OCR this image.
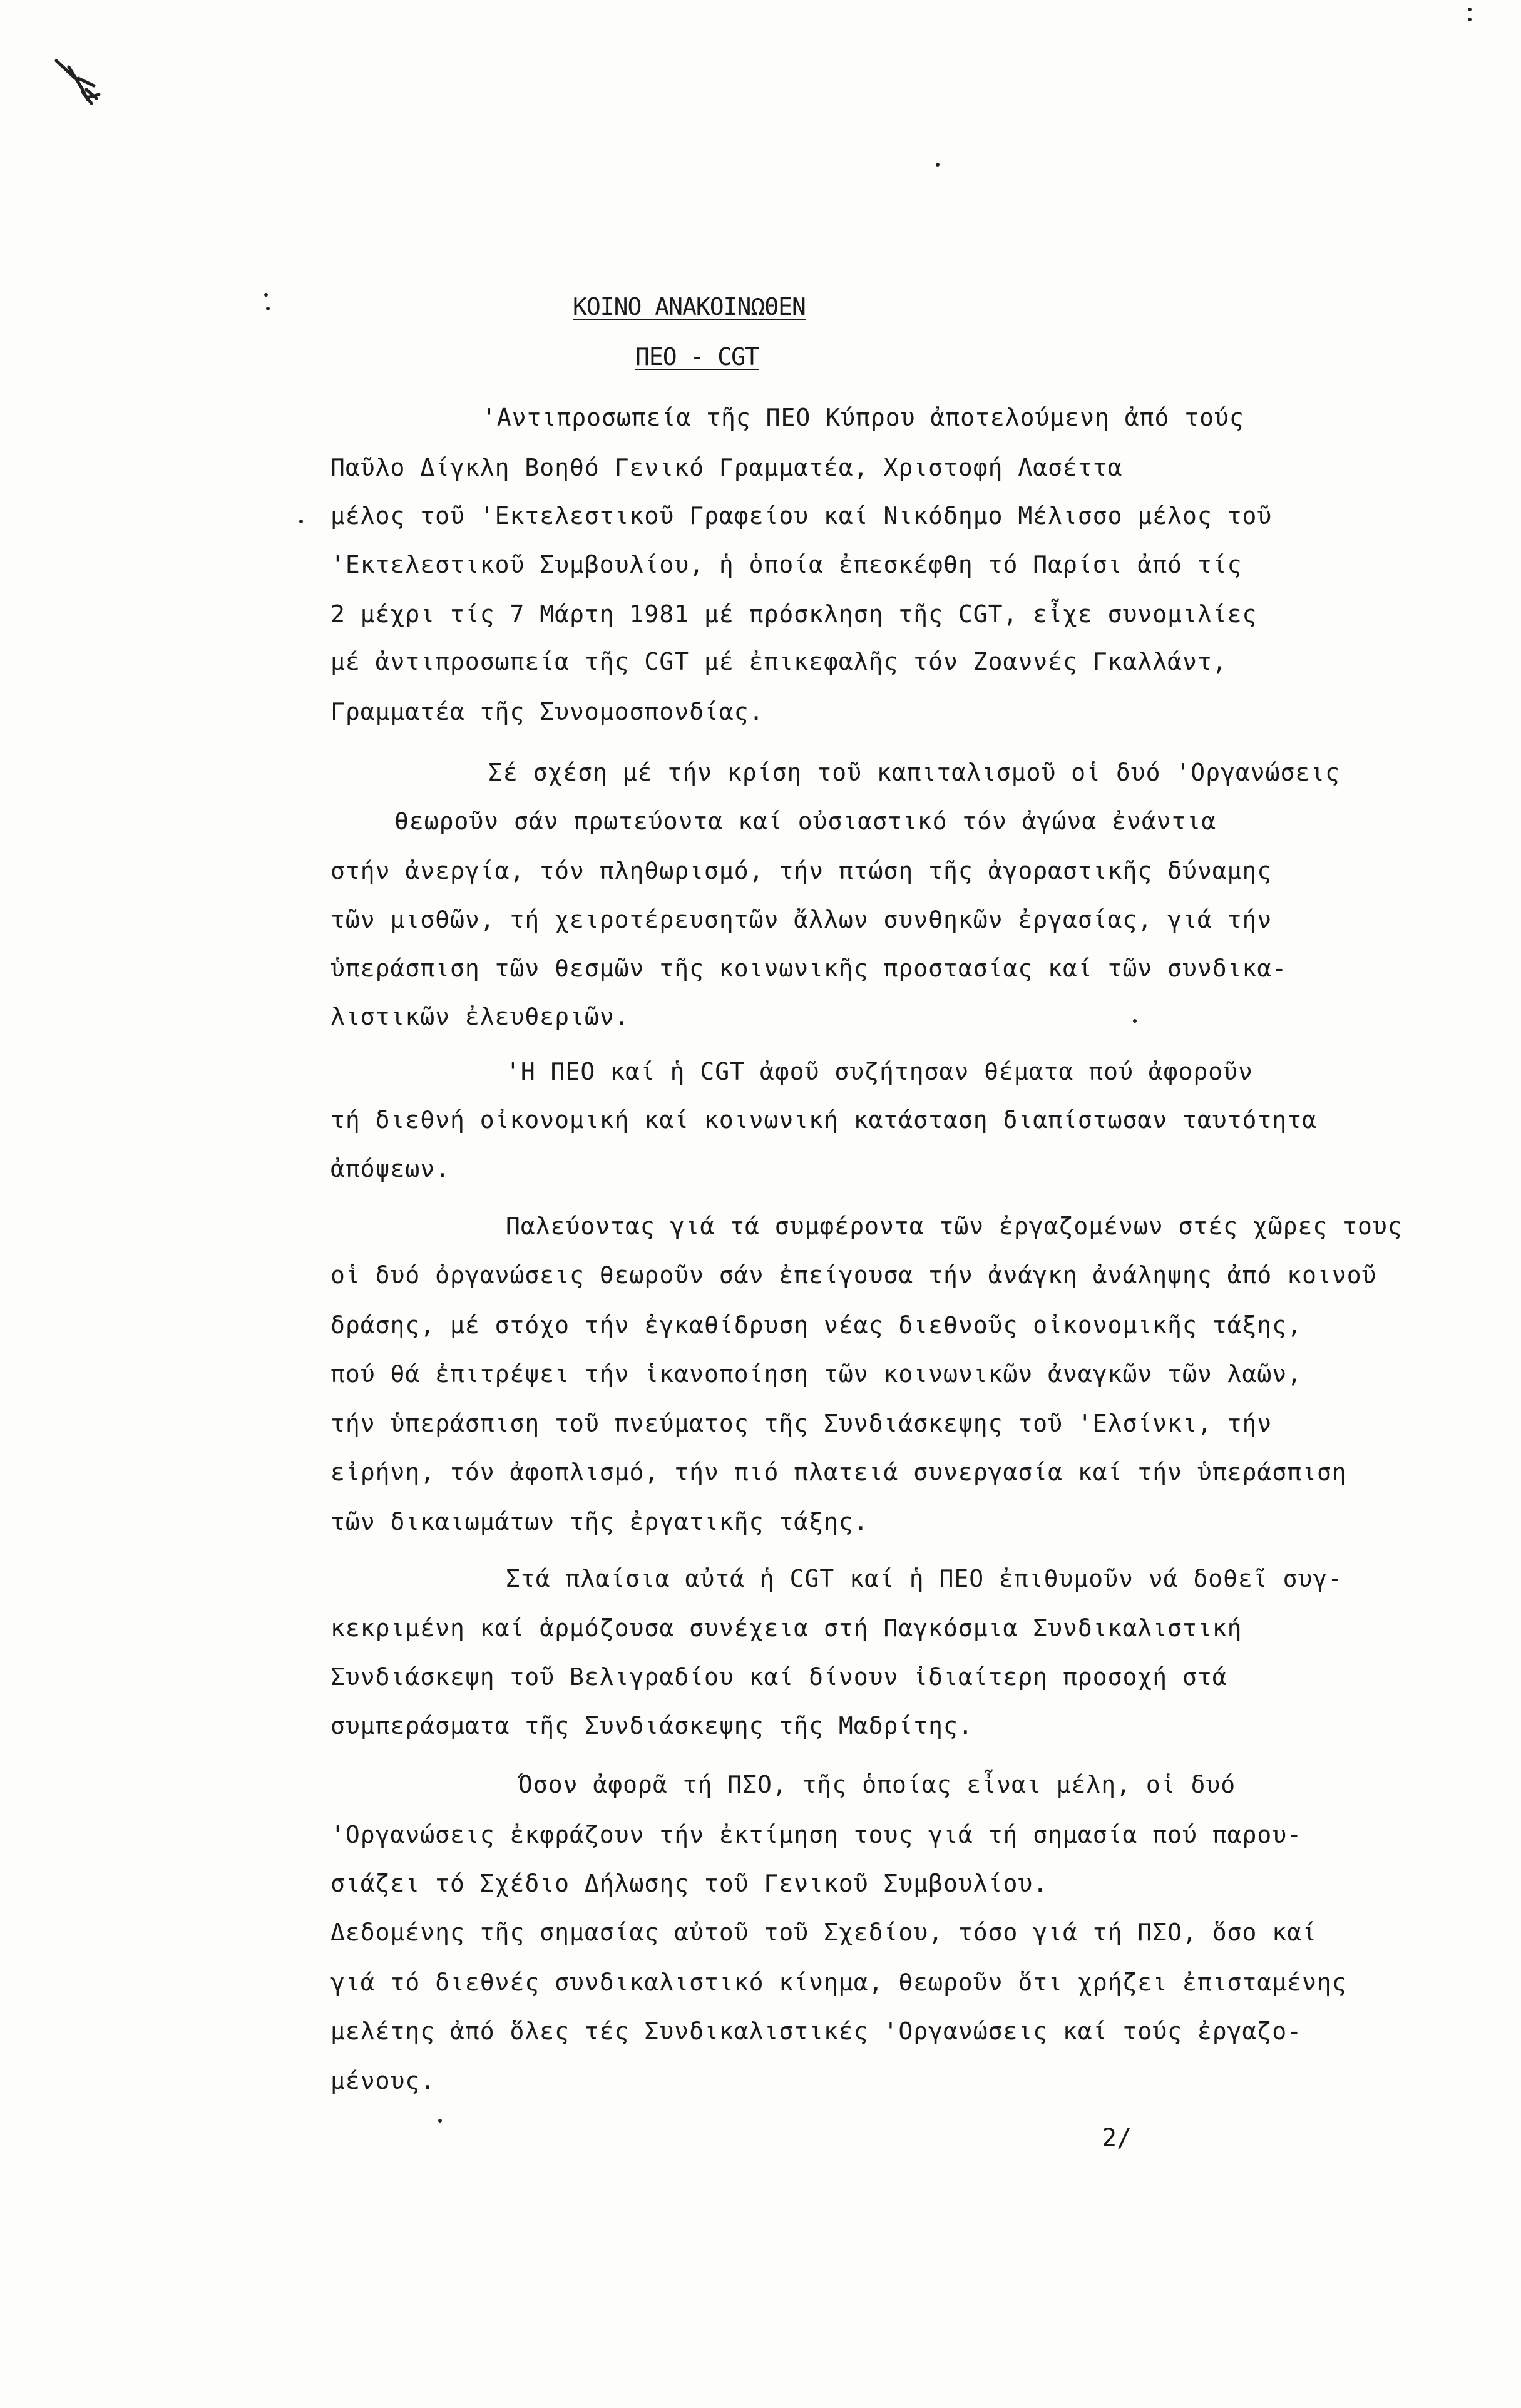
ΚΟΙΝΟ ΑΝΑΚΟΙΝΩΘΕΝ
ΠΕΟ - CGT
'Αντιπροσωπεία τῆς ΠΕΟ Κύπρου ἀποτελούμενη ἀπό τούς
Παῦλο Δίγκλη Βοηθό Γενικό Γραμματέα, Χριστοφή Λασέττα
μέλος τοῦ 'Εκτελεστικοῦ Γραφείου καί Νικόδημο Μέλισσο μέλος τοῦ
'Εκτελεστικοῦ Συμβουλίου, ἡ ὁποία ἐπεσκέφθη τό Παρίσι ἀπό τίς
2 μέχρι τίς 7 Μάρτη 1981 μέ πρόσκληση τῆς CGT, εἶχε συνομιλίες
μέ ἀντιπροσωπεία τῆς CGT μέ ἐπικεφαλῆς τόν Ζοαννές Γκαλλάντ,
Γραμματέα τῆς Συνομοσπονδίας.
Σέ σχέση μέ τήν κρίση τοῦ καπιταλισμοῦ οἱ δυό 'Οργανώσεις
θεωροῦν σάν πρωτεύοντα καί οὐσιαστικό τόν ἀγώνα ἐνάντια
στήν ἀνεργία, τόν πληθωρισμό, τήν πτώση τῆς ἀγοραστικῆς δύναμης
τῶν μισθῶν, τή χειροτέρευσητῶν ἄλλων συνθηκῶν ἐργασίας, γιά τήν
ὑπεράσπιση τῶν θεσμῶν τῆς κοινωνικῆς προστασίας καί τῶν συνδικα-
λιστικῶν ἐλευθεριῶν.
'Η ΠΕΟ καί ἡ CGT ἀφοῦ συζήτησαν θέματα πού ἀφοροῦν
τή διεθνή οἰκονομική καί κοινωνική κατάσταση διαπίστωσαν ταυτότητα
ἀπόψεων.
Παλεύοντας γιά τά συμφέροντα τῶν ἐργαζομένων στές χῶρες τους
οἱ δυό ὀργανώσεις θεωροῦν σάν ἐπείγουσα τήν ἀνάγκη ἀνάληψης ἀπό κοινοῦ
δράσης, μέ στόχο τήν ἐγκαθίδρυση νέας διεθνοῦς οἰκονομικῆς τάξης,
πού θά ἐπιτρέψει τήν ἱκανοποίηση τῶν κοινωνικῶν ἀναγκῶν τῶν λαῶν,
τήν ὑπεράσπιση τοῦ πνεύματος τῆς Συνδιάσκεψης τοῦ 'Ελσίνκι, τήν
εἰρήνη, τόν ἀφοπλισμό, τήν πιό πλατειά συνεργασία καί τήν ὑπεράσπιση
τῶν δικαιωμάτων τῆς ἐργατικῆς τάξης.
Στά πλαίσια αὐτά ἡ CGT καί ἡ ΠΕΟ ἐπιθυμοῦν νά δοθεῖ συγ-
κεκριμένη καί ἁρμόζουσα συνέχεια στή Παγκόσμια Συνδικαλιστική
Συνδιάσκεψη τοῦ Βελιγραδίου καί δίνουν ἰδιαίτερη προσοχή στά
συμπεράσματα τῆς Συνδιάσκεψης τῆς Μαδρίτης.
Όσον ἀφορᾶ τή ΠΣΟ, τῆς ὁποίας εἶναι μέλη, οἱ δυό
'Οργανώσεις ἐκφράζουν τήν ἐκτίμηση τους γιά τή σημασία πού παρου-
σιάζει τό Σχέδιο Δήλωσης τοῦ Γενικοῦ Συμβουλίου.
Δεδομένης τῆς σημασίας αὐτοῦ τοῦ Σχεδίου, τόσο γιά τή ΠΣΟ, ὅσο καί
γιά τό διεθνές συνδικαλιστικό κίνημα, θεωροῦν ὅτι χρήζει ἐπισταμένης
μελέτης ἀπό ὅλες τές Συνδικαλιστικές 'Οργανώσεις καί τούς ἐργαζο-
μένους.
2/
